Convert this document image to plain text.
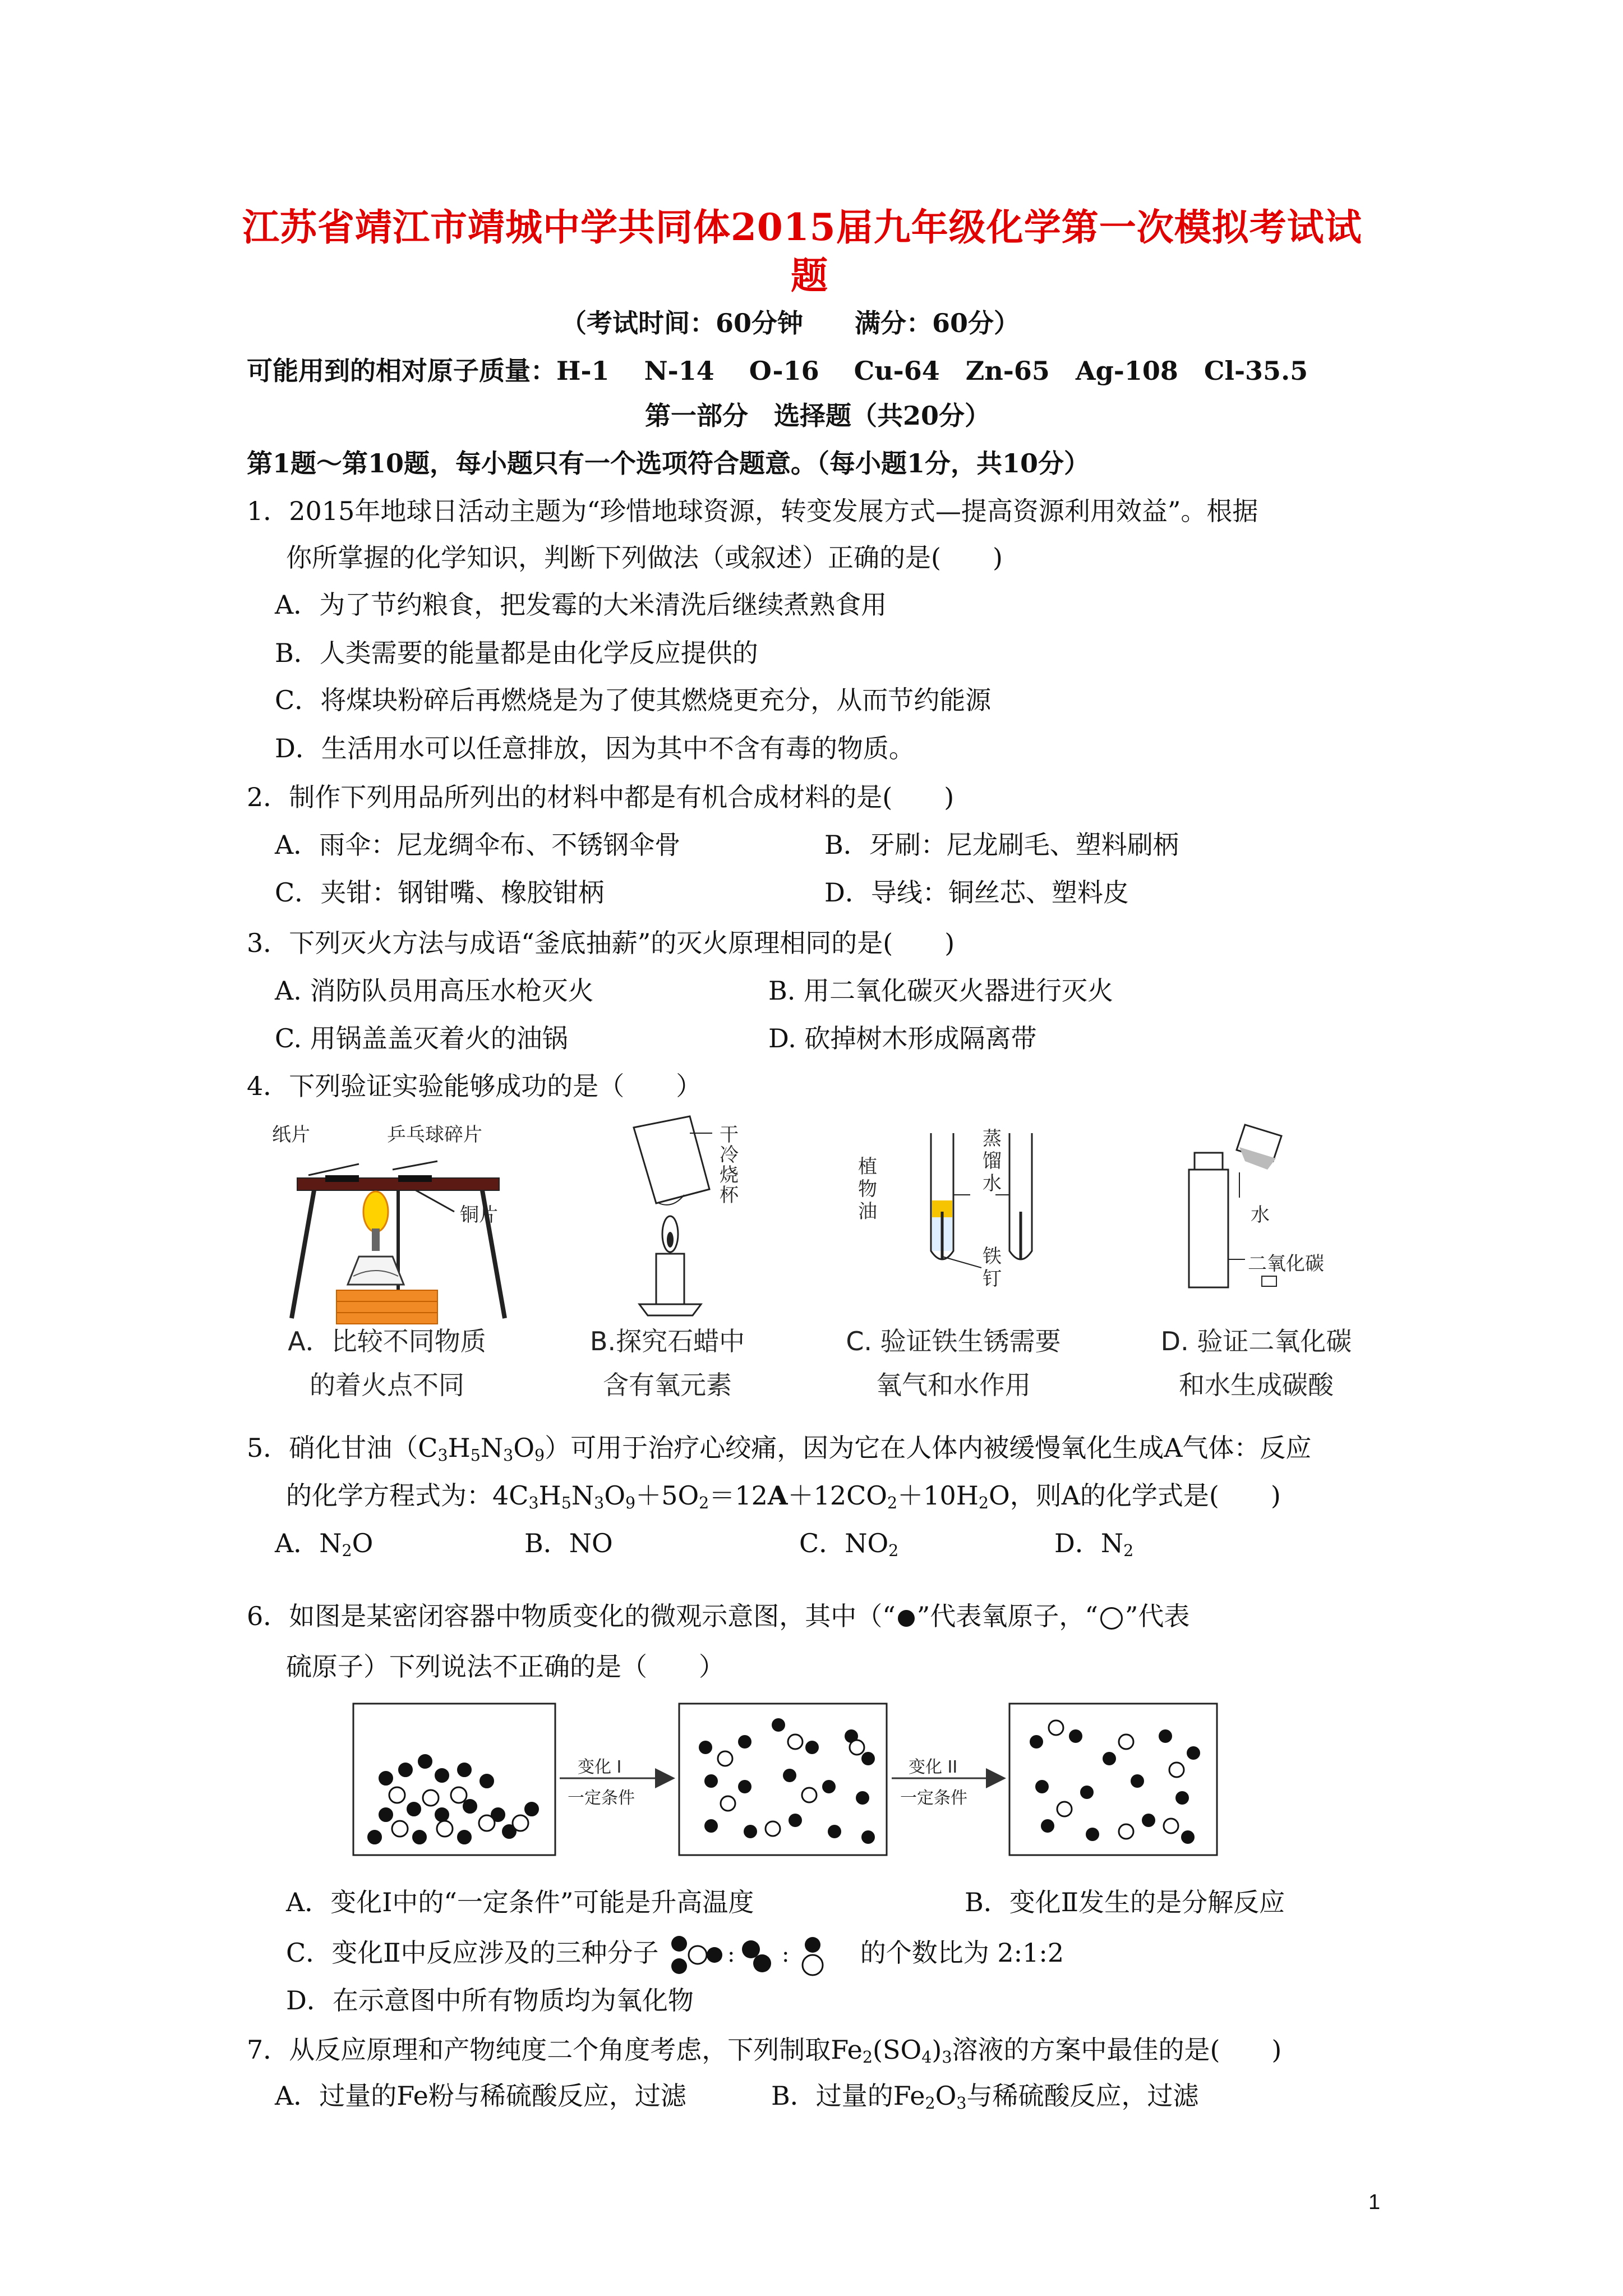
江苏省靖江市靖城中学共同体2015届九年级化学第一次模拟考试试
题
（考试时间：60分钟　　满分：60分）
可能用到的相对原子质量：H-1　 N-14　 O-16　 Cu-64　Zn-65　Ag-108　Cl-35.5
第一部分　选择题（共20分）
第1题～第10题，每小题只有一个选项符合题意。（每小题1分，共10分）
1．2015年地球日活动主题为“珍惜地球资源，转变发展方式—提高资源利用效益”。根据
你所掌握的化学知识，判断下列做法（或叙述）正确的是(　　)
A．为了节约粮食，把发霉的大米清洗后继续煮熟食用
B．人类需要的能量都是由化学反应提供的
C．将煤块粉碎后再燃烧是为了使其燃烧更充分，从而节约能源
D．生活用水可以任意排放，因为其中不含有毒的物质。
2．制作下列用品所列出的材料中都是有机合成材料的是(　　)
A．雨伞：尼龙绸伞布、不锈钢伞骨	B．牙刷：尼龙刷毛、塑料刷柄
C．夹钳：钢钳嘴、橡胶钳柄	D．导线：铜丝芯、塑料皮
3．下列灭火方法与成语“釜底抽薪”的灭火原理相同的是(　　)
A. 消防队员用高压水枪灭火	B. 用二氧化碳灭火器进行灭火
C. 用锅盖盖灭着火的油锅	D. 砍掉树木形成隔离带
4．下列验证实验能够成功的是（　　）
纸片	乒乓球碎片
铜片
干
冷
烧
杯
植
物
油
蒸
馏
水
铁
钉
水
二氧化碳
A．比较不同物质
的着火点不同
B.探究石蜡中
含有氧元素
C. 验证铁生锈需要
氧气和水作用
D. 验证二氧化碳
和水生成碳酸
5．硝化甘油$(C_3H_5N_3O_9)$可用于治疗心绞痛，因为它在人体内被缓慢氧化生成A气体：反应
的化学方程式为：$4C_3H_5N_3O_9+5O_2=12A+12CO_2+10H_2O$，则A的化学式是(　　)
A．$N_2O$	B．NO	C．$NO_2$	D．$N_2$
6．如图是某密闭容器中物质变化的微观示意图，其中（“ ”代表氧原子，“ ”代表
硫原子）下列说法不正确的是（　　）
变化 I
一定条件
变化 II
一定条件
A．变化Ⅰ中的“一定条件”可能是升高温度	B．变化Ⅱ发生的是分解反应
C．变化Ⅱ中反应涉及的三种分子	: :	的个数比为 2:1:2
D．在示意图中所有物质均为氧化物
7．从反应原理和产物纯度二个角度考虑，下列制取$Fe_2(SO_4)_3$溶液的方案中最佳的是(　　)
A．过量的Fe粉与稀硫酸反应，过滤	B．过量的$Fe_2O_3$与稀硫酸反应，过滤
1
